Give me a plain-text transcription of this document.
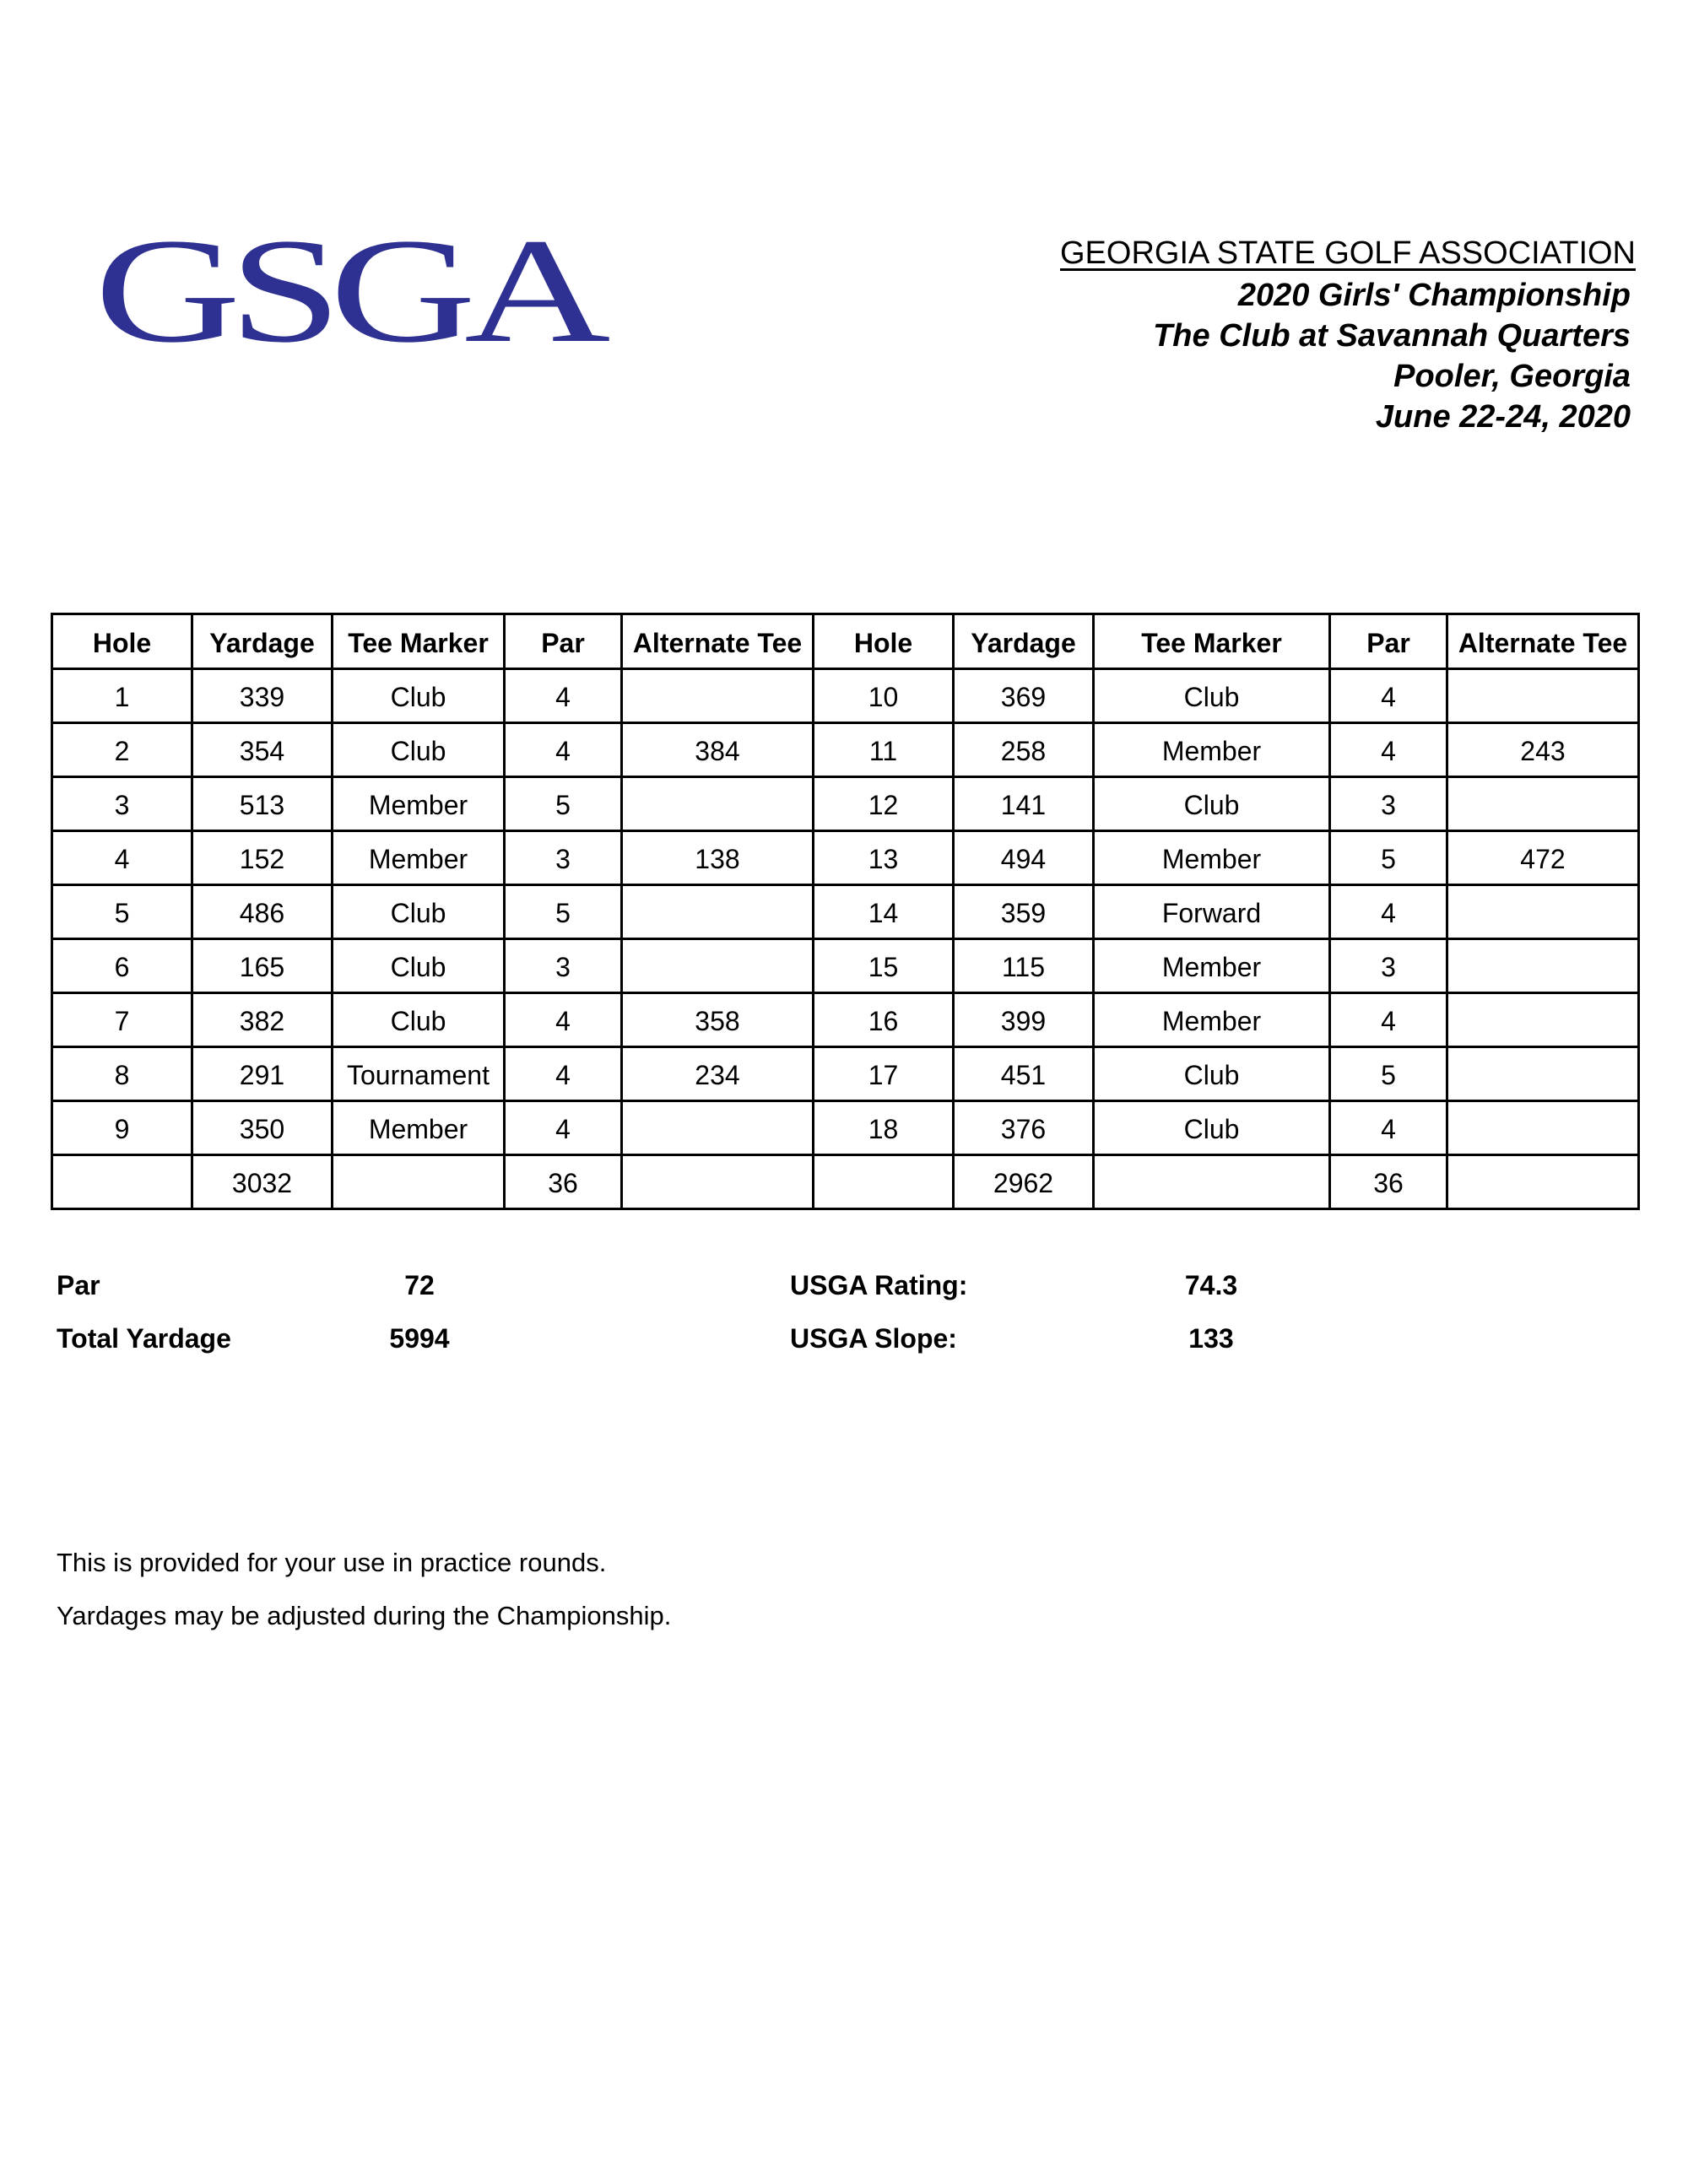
GSGA	GEORGIA STATE GOLF ASSOCIATION
2020 Girls' Championship
The Club at Savannah Quarters
Pooler, Georgia
June 22-24, 2020
Hole	Yardage	Tee Marker	Par	Alternate Tee	Hole	Yardage	Tee Marker	Par	Alternate Tee
1	339	Club	4		10	369	Club	4	
2	354	Club	4	384	11	258	Member	4	243
3	513	Member	5		12	141	Club	3	
4	152	Member	3	138	13	494	Member	5	472
5	486	Club	5		14	359	Forward	4	
6	165	Club	3		15	115	Member	3	
7	382	Club	4	358	16	399	Member	4	
8	291	Tournament	4	234	17	451	Club	5	
9	350	Member	4		18	376	Club	4	
	3032		36			2962		36	
Par	72
Total Yardage	5994
USGA Rating:	74.3
USGA Slope:	133

This is provided for your use in practice rounds.

Yardages may be adjusted during the Championship.
